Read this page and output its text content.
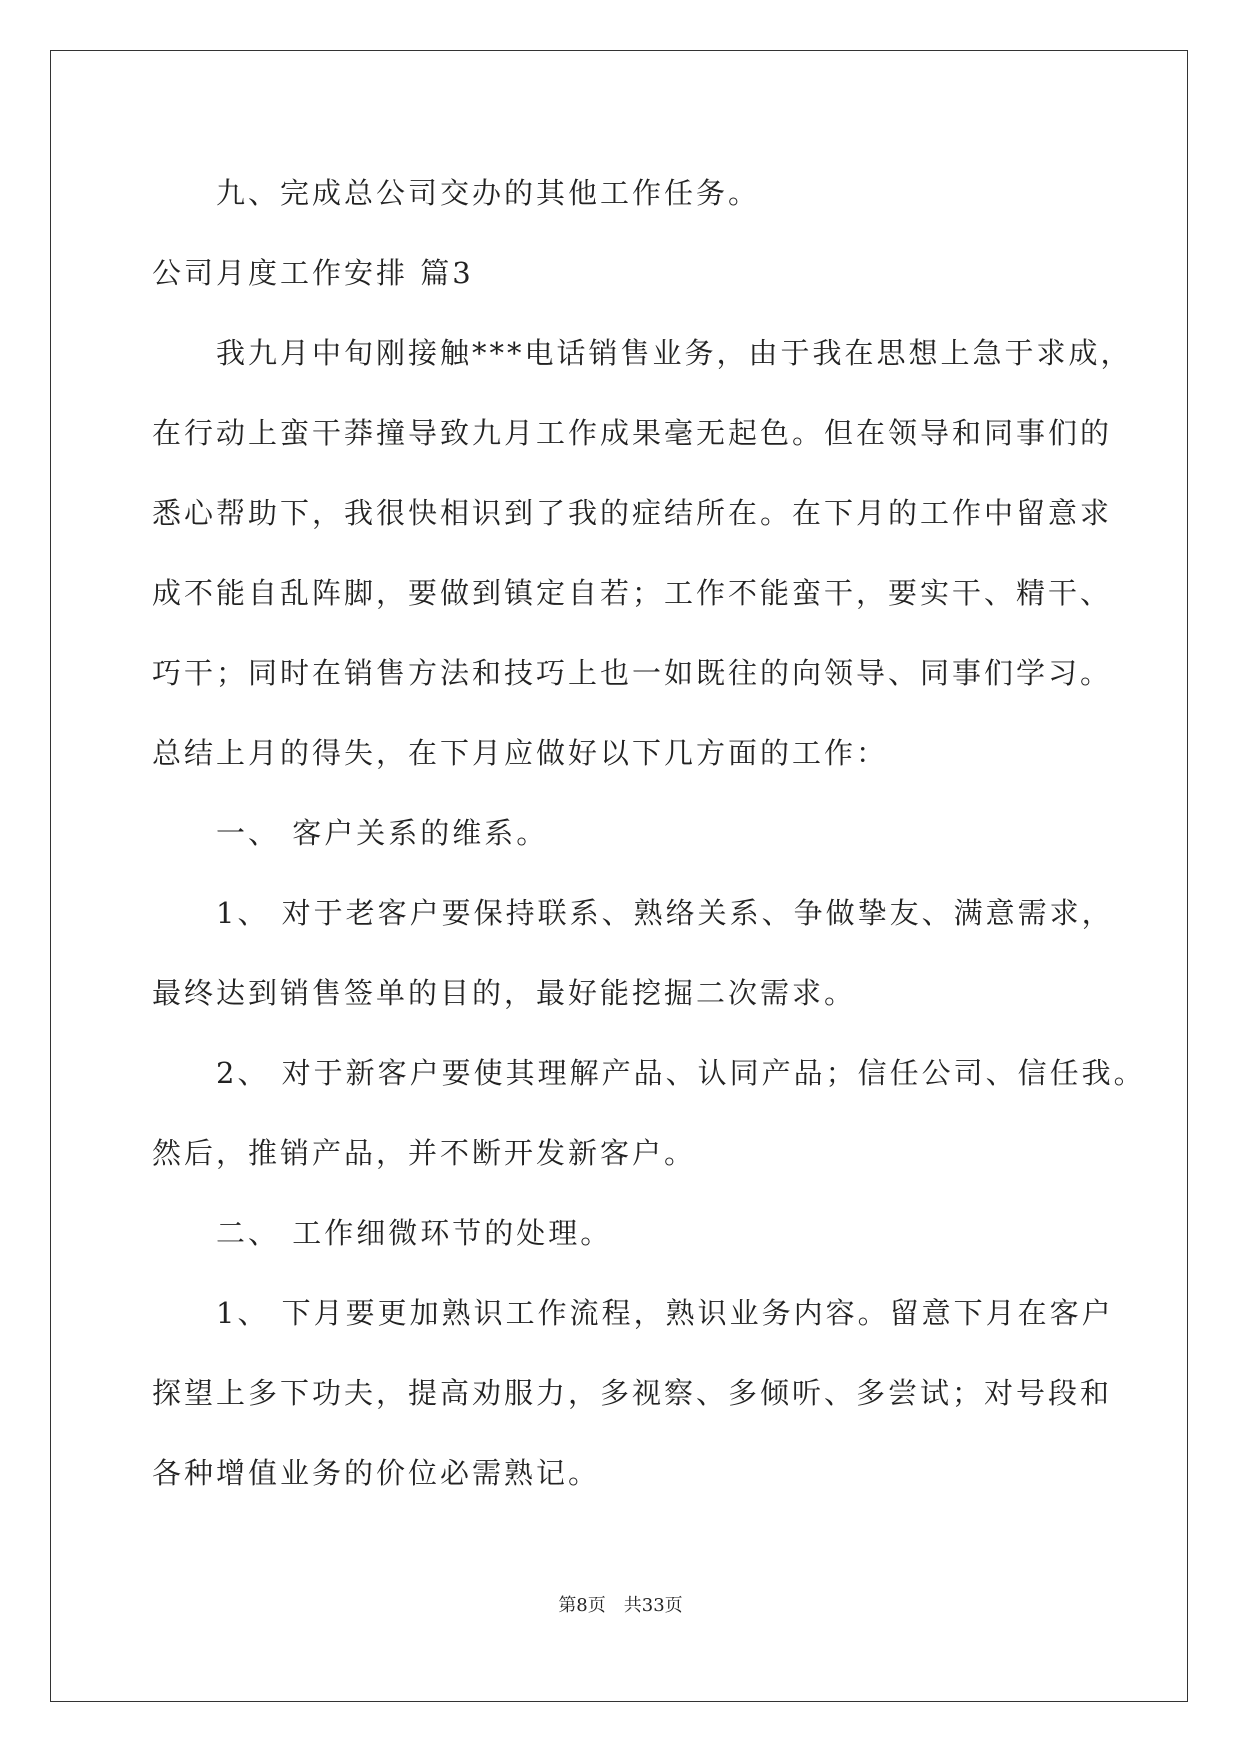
　　九、完成总公司交办的其他工作任务。
公司月度工作安排 篇3
　　我九月中旬刚接触***电话销售业务，由于我在思想上急于求成，
在行动上蛮干莽撞导致九月工作成果毫无起色。但在领导和同事们的
悉心帮助下，我很快相识到了我的症结所在。在下月的工作中留意求
成不能自乱阵脚，要做到镇定自若；工作不能蛮干，要实干、精干、
巧干；同时在销售方法和技巧上也一如既往的向领导、同事们学习。
总结上月的得失，在下月应做好以下几方面的工作：
　　一、 客户关系的维系。
　　1、 对于老客户要保持联系、熟络关系、争做挚友、满意需求，
最终达到销售签单的目的，最好能挖掘二次需求。
　　2、 对于新客户要使其理解产品、认同产品；信任公司、信任我。
然后，推销产品，并不断开发新客户。
　　二、 工作细微环节的处理。
　　1、 下月要更加熟识工作流程，熟识业务内容。留意下月在客户
探望上多下功夫，提高劝服力，多视察、多倾听、多尝试；对号段和
各种增值业务的价位必需熟记。
第8页　共33页
